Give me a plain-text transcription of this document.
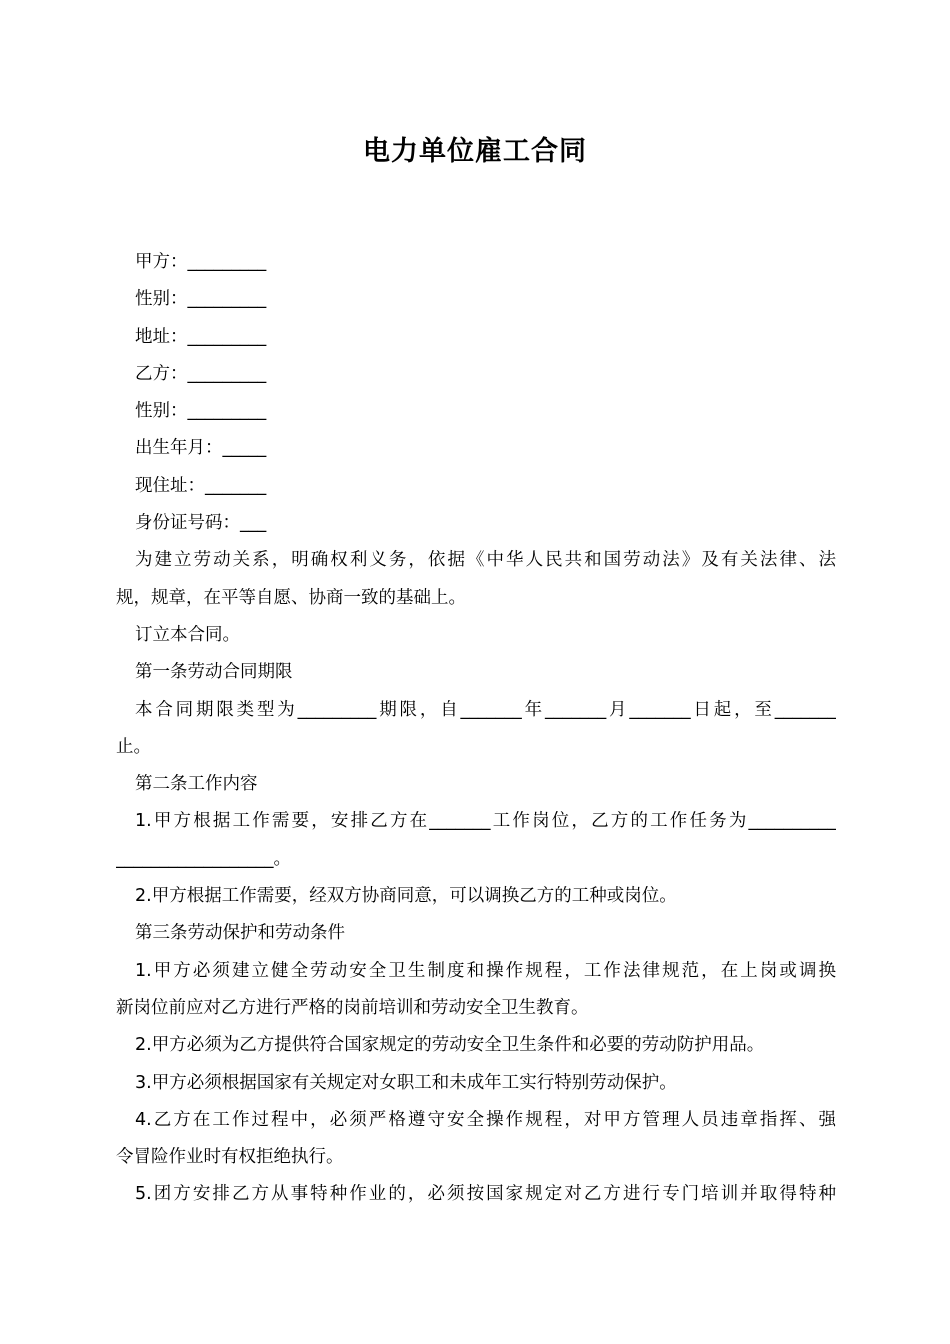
电力单位雇工合同
甲方：_________
性别：_________
地址：_________
乙方：_________
性别：_________
出生年月：_____
现住址：_______
身份证号码：___
为建立劳动关系，明确权利义务，依据《中华人民共和国劳动法》及有关法律、法
规，规章，在平等自愿、协商一致的基础上。
订立本合同。
第一条劳动合同期限
本合同期限类型为_________期限，自_______年_______月_______日起，至_______
止。
第二条工作内容
1.甲方根据工作需要，安排乙方在_______工作岗位，乙方的工作任务为__________
__________________。
2.甲方根据工作需要，经双方协商同意，可以调换乙方的工种或岗位。
第三条劳动保护和劳动条件
1.甲方必须建立健全劳动安全卫生制度和操作规程，工作法律规范，在上岗或调换
新岗位前应对乙方进行严格的岗前培训和劳动安全卫生教育。
2.甲方必须为乙方提供符合国家规定的劳动安全卫生条件和必要的劳动防护用品。
3.甲方必须根据国家有关规定对女职工和未成年工实行特别劳动保护。
4.乙方在工作过程中，必须严格遵守安全操作规程，对甲方管理人员违章指挥、强
令冒险作业时有权拒绝执行。
5.团方安排乙方从事特种作业的，必须按国家规定对乙方进行专门培训并取得特种
